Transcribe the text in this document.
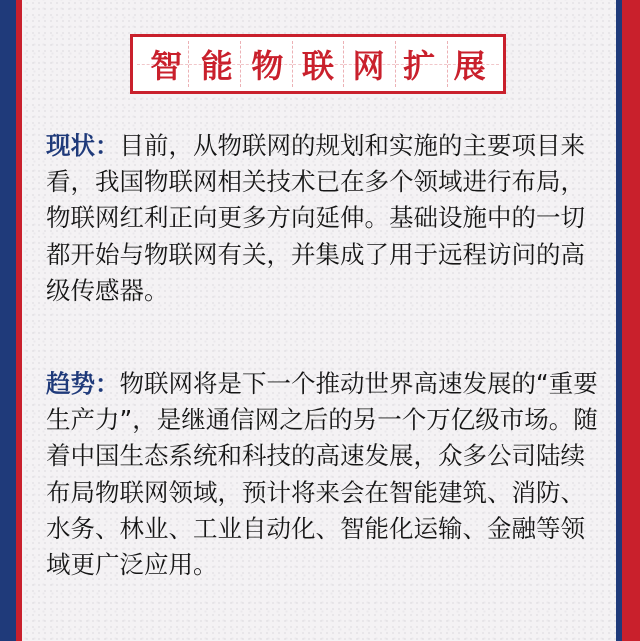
智 能 物 联 网 扩 展
现状：目前，从物联网的规划和实施的主要项目来看，我国物联网相关技术已在多个领域进行布局，物联网红利正向更多方向延伸。基础设施中的一切都开始与物联网有关，并集成了用于远程访问的高级传感器。
趋势：物联网将是下一个推动世界高速发展的“重要生产力”，是继通信网之后的另一个万亿级市场。随着中国生态系统和科技的高速发展，众多公司陆续布局物联网领域，预计将来会在智能建筑、消防、水务、林业、工业自动化、智能化运输、金融等领域更广泛应用。
